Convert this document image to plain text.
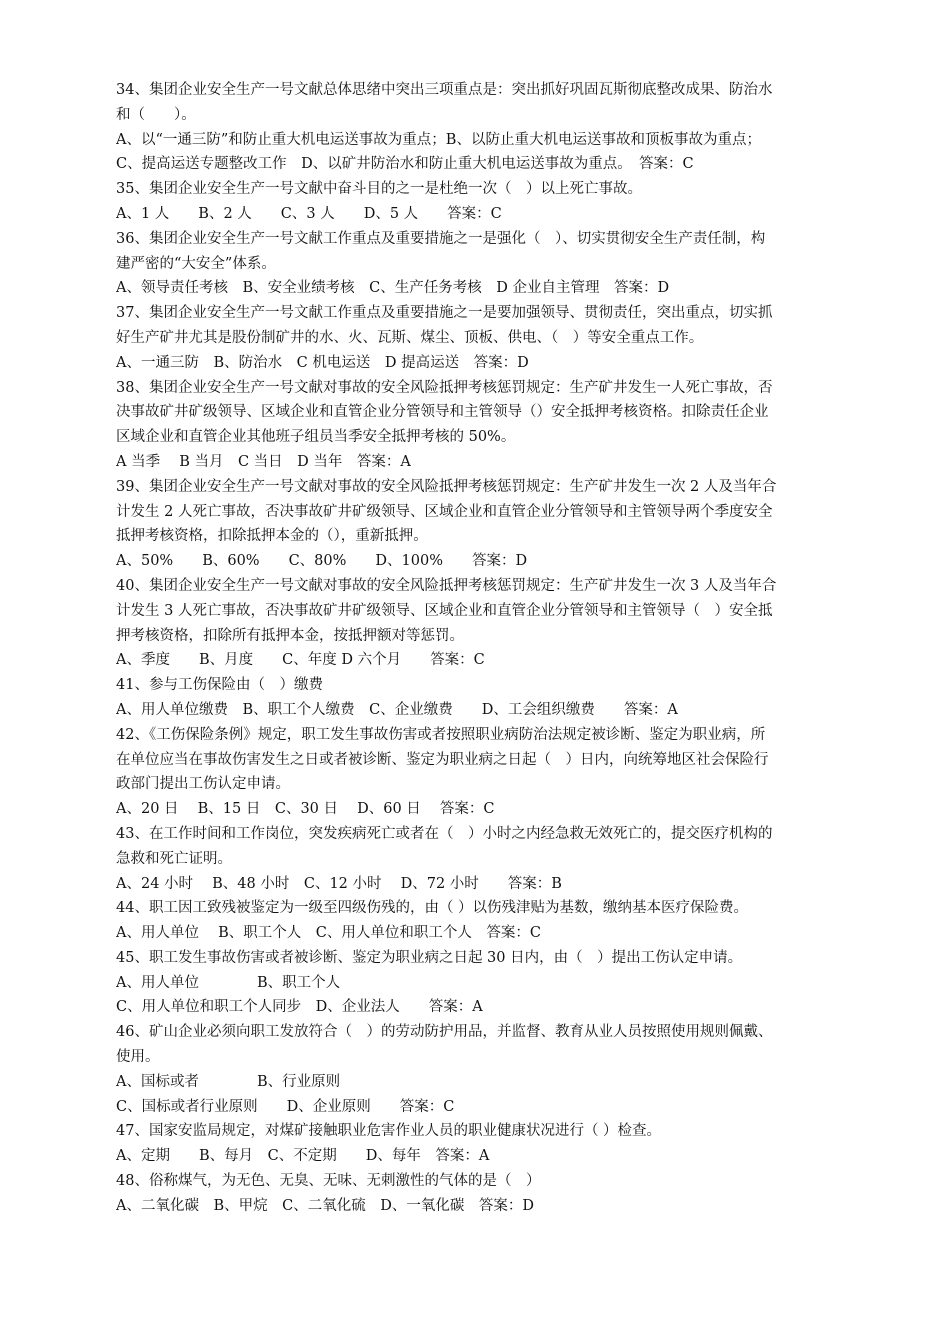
34、集团企业安全生产一号文献总体思绪中突出三项重点是：突出抓好巩固瓦斯彻底整改成果、防治水
和（　　）。
A、以“一通三防”和防止重大机电运送事故为重点；B、以防止重大机电运送事故和顶板事故为重点；
C、提高运送专题整改工作　D、以矿井防治水和防止重大机电运送事故为重点。　答案：C
35、集团企业安全生产一号文献中奋斗目的之一是杜绝一次（　）以上死亡事故。
A、1 人　　B、2 人　　C、3 人　　D、5 人　　答案：C
36、集团企业安全生产一号文献工作重点及重要措施之一是强化（　）、切实贯彻安全生产责任制，构
建严密的“大安全”体系。
A、领导责任考核　B、安全业绩考核　C、生产任务考核　D 企业自主管理　答案：D
37、集团企业安全生产一号文献工作重点及重要措施之一是要加强领导、贯彻责任，突出重点，切实抓
好生产矿井尤其是股份制矿井的水、火、瓦斯、煤尘、顶板、供电、（　）等安全重点工作。
A、一通三防　B、防治水　C 机电运送　D 提高运送　答案：D
38、集团企业安全生产一号文献对事故的安全风险抵押考核惩罚规定：生产矿井发生一人死亡事故，否
决事故矿井矿级领导、区域企业和直管企业分管领导和主管领导（）安全抵押考核资格。扣除责任企业
区域企业和直管企业其他班子组员当季安全抵押考核的 50%。
A 当季　 B 当月　C 当日　D 当年　答案：A
39、集团企业安全生产一号文献对事故的安全风险抵押考核惩罚规定：生产矿井发生一次 2 人及当年合
计发生 2 人死亡事故，否决事故矿井矿级领导、区域企业和直管企业分管领导和主管领导两个季度安全
抵押考核资格，扣除抵押本金的（），重新抵押。
A、50%　　B、60%　　C、80%　　D、100%　　答案：D
40、集团企业安全生产一号文献对事故的安全风险抵押考核惩罚规定：生产矿井发生一次 3 人及当年合
计发生 3 人死亡事故，否决事故矿井矿级领导、区域企业和直管企业分管领导和主管领导（　）安全抵
押考核资格，扣除所有抵押本金，按抵押额对等惩罚。
A、季度　　B、月度　　C、年度 D 六个月　　答案：C
41、参与工伤保险由（　）缴费
A、用人单位缴费　B、职工个人缴费　C、企业缴费　　D、工会组织缴费　　答案：A
42、《工伤保险条例》规定，职工发生事故伤害或者按照职业病防治法规定被诊断、鉴定为职业病，所
在单位应当在事故伤害发生之日或者被诊断、鉴定为职业病之日起（　）日内，向统筹地区社会保险行
政部门提出工伤认定申请。
A、20 日　 B、15 日　C、30 日　 D、60 日　 答案：C
43、在工作时间和工作岗位，突发疾病死亡或者在（　）小时之内经急救无效死亡的，提交医疗机构的
急救和死亡证明。
A、24 小时　 B、48 小时　C、12 小时　 D、72 小时　　答案：B
44、职工因工致残被鉴定为一级至四级伤残的，由（ ）以伤残津贴为基数，缴纳基本医疗保险费。
A、用人单位　 B、职工个人　C、用人单位和职工个人　答案：C
45、职工发生事故伤害或者被诊断、鉴定为职业病之日起 30 日内，由（　）提出工伤认定申请。
A、用人单位　　　　B、职工个人
C、用人单位和职工个人同步　D、企业法人　　答案：A
46、矿山企业必须向职工发放符合（　）的劳动防护用品，并监督、教育从业人员按照使用规则佩戴、
使用。
A、国标或者　　　　B、行业原则
C、国标或者行业原则　　D、企业原则　　答案：C
47、国家安监局规定，对煤矿接触职业危害作业人员的职业健康状况进行（ ）检查。
A、定期　　B、每月　C、不定期　　D、每年　答案：A
48、俗称煤气，为无色、无臭、无味、无刺激性的气体的是（　）
A、二氧化碳　B、甲烷　C、二氧化硫　D、一氧化碳　答案：D
